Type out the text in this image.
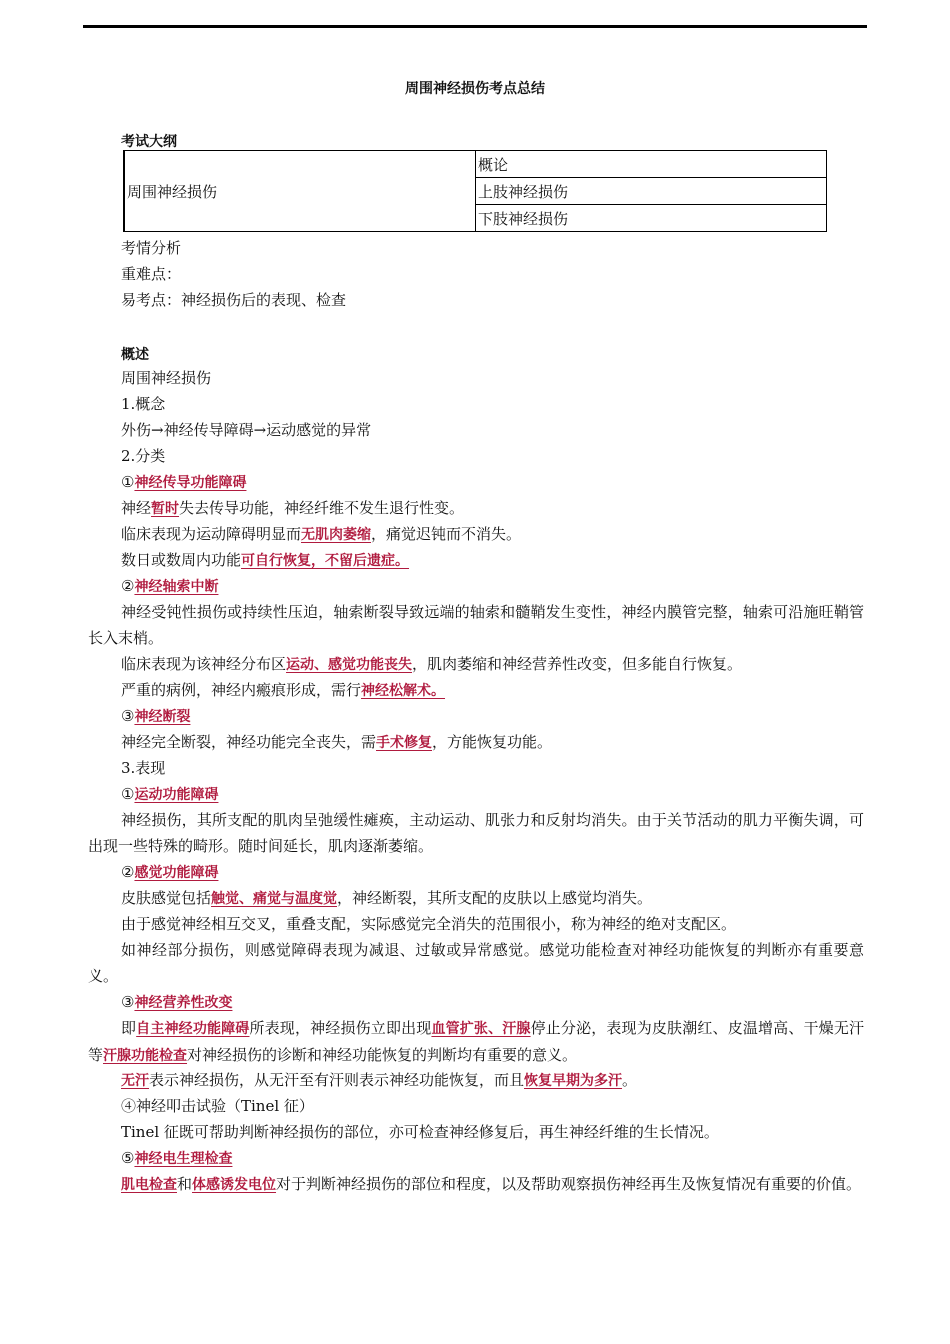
周围神经损伤考点总结
考试大纲
周围神经损伤	概论
上肢神经损伤
下肢神经损伤
考情分析
重难点：
易考点：神经损伤后的表现、检查
概述
周围神经损伤
1.概念
外伤→神经传导障碍→运动感觉的异常
2.分类
①神经传导功能障碍
神经暂时失去传导功能，神经纤维不发生退行性变。
临床表现为运动障碍明显而无肌肉萎缩，痛觉迟钝而不消失。
数日或数周内功能可自行恢复，不留后遗症。
②神经轴索中断
神经受钝性损伤或持续性压迫，轴索断裂导致远端的轴索和髓鞘发生变性，神经内膜管完整，轴索可沿施旺鞘管长入末梢。
临床表现为该神经分布区运动、感觉功能丧失，肌肉萎缩和神经营养性改变，但多能自行恢复。
严重的病例，神经内瘢痕形成，需行神经松解术。
③神经断裂
神经完全断裂，神经功能完全丧失，需手术修复，方能恢复功能。
3.表现
①运动功能障碍
神经损伤，其所支配的肌肉呈弛缓性瘫痪，主动运动、肌张力和反射均消失。由于关节活动的肌力平衡失调，可出现一些特殊的畸形。随时间延长，肌肉逐渐萎缩。
②感觉功能障碍
皮肤感觉包括触觉、痛觉与温度觉，神经断裂，其所支配的皮肤以上感觉均消失。
由于感觉神经相互交叉，重叠支配，实际感觉完全消失的范围很小，称为神经的绝对支配区。
如神经部分损伤，则感觉障碍表现为减退、过敏或异常感觉。感觉功能检查对神经功能恢复的判断亦有重要意义。
③神经营养性改变
即自主神经功能障碍所表现，神经损伤立即出现血管扩张、汗腺停止分泌，表现为皮肤潮红、皮温增高、干燥无汗等汗腺功能检查对神经损伤的诊断和神经功能恢复的判断均有重要的意义。
无汗表示神经损伤，从无汗至有汗则表示神经功能恢复，而且恢复早期为多汗。
④神经叩击试验（Tinel 征）
Tinel 征既可帮助判断神经损伤的部位，亦可检查神经修复后，再生神经纤维的生长情况。
⑤神经电生理检查
肌电检查和体感诱发电位对于判断神经损伤的部位和程度，以及帮助观察损伤神经再生及恢复情况有重要的价值。
